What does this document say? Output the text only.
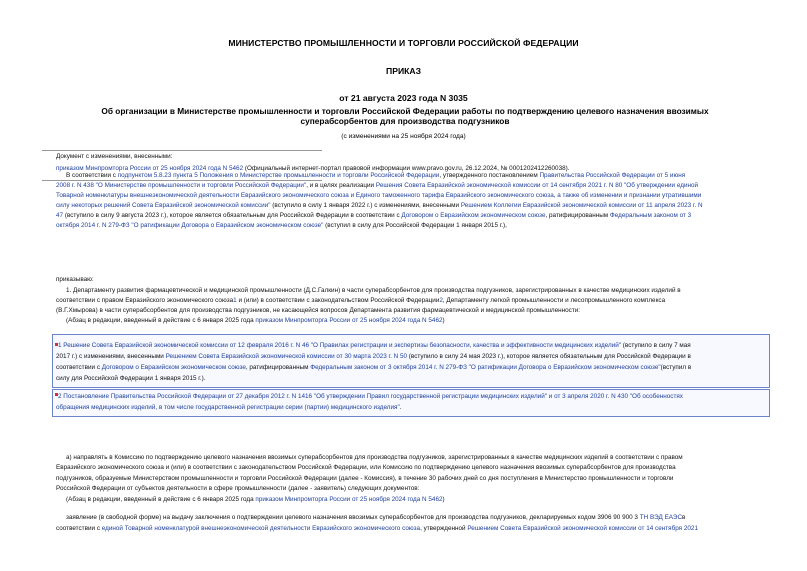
МИНИСТЕРСТВО ПРОМЫШЛЕННОСТИ И ТОРГОВЛИ РОССИЙСКОЙ ФЕДЕРАЦИИ
ПРИКАЗ
от 21 августа 2023 года N 3035
Об организации в Министерстве промышленности и торговли Российской Федерации работы по подтверждению целевого назначения ввозимых
суперабсорбентов для производства подгузников
(с изменениями на 25 ноября 2024 года)
Документ с изменениями, внесенными:
приказом Минпромторга России от 25 ноября 2024 года N 5462 (Официальный интернет-портал правовой информации www.pravo.gov.ru, 26.12.2024, № 0001202412260038).
В соответствии с подпунктом 5.8.23 пункта 5 Положения о Министерстве промышленности и торговли Российской Федерации, утвержденного постановлением Правительства Российской Федерации от 5 июня
2008 г. N 438 "О Министерстве промышленности и торговли Российской Федерации", и в целях реализации Решения Совета Евразийской экономической комиссии от 14 сентября 2021 г. N 80 "Об утверждении единой
Товарной номенклатуры внешнеэкономической деятельности Евразийского экономического союза и Единого таможенного тарифа Евразийского экономического союза, а также об изменении и признании утратившими
силу некоторых решений Совета Евразийской экономической комиссии" (вступило в силу 1 января 2022 г.) с изменениями, внесенными Решением Коллегии Евразийской экономической комиссии от 11 апреля 2023 г. N
47 (вступило в силу 9 августа 2023 г.), которое является обязательным для Российской Федерации в соответствии с Договором о Евразийском экономическом союзе, ратифицированным Федеральным законом от 3
октября 2014 г. N 279-ФЗ "О ратификации Договора о Евразийском экономическом союзе" (вступил в силу для Российской Федерации 1 января 2015 г.),
приказываю:
1. Департаменту развития фармацевтической и медицинской промышленности (Д.С.Галкин) в части суперабсорбентов для производства подгузников, зарегистрированных в качестве медицинских изделий в
соответствии с правом Евразийского экономического союза1 и (или) в соответствии с законодательством Российской Федерации2, Департаменту легкой промышленности и лесопромышленного комплекса
(В.Г.Хмырова) в части суперабсорбентов для производства подгузников, не касающейся вопросов Департамента развития фармацевтической и медицинской промышленности:
(Абзац в редакции, введенный в действие с 6 января 2025 года приказом Минпромторга России от 25 ноября 2024 года N 5462)
1 Решение Совета Евразийской экономической комиссии от 12 февраля 2016 г. N 46 "О Правилах регистрации и экспертизы безопасности, качества и эффективности медицинских изделий" (вступило в силу 7 мая
2017 г.) с изменениями, внесенными Решением Совета Евразийской экономической комиссии от 30 марта 2023 г. N 50 (вступило в силу 24 мая 2023 г.), которое является обязательным для Российской Федерации в
соответствии с Договором о Евразийском экономическом союзе, ратифицированным Федеральным законом от 3 октября 2014 г. N 279-ФЗ "О ратификации Договора о Евразийском экономическом союзе"(вступил в
силу для Российской Федерации 1 января 2015 г.).
2 Постановление Правительства Российской Федерации от 27 декабря 2012 г. N 1416 "Об утверждении Правил государственной регистрации медицинских изделий" и от 3 апреля 2020 г. N 430 "Об особенностях
обращения медицинских изделий, в том числе государственной регистрации серии (партии) медицинского изделия".
а) направлять в Комиссию по подтверждению целевого назначения ввозимых суперабсорбентов для производства подгузников, зарегистрированных в качестве медицинских изделий в соответствии с правом
Евразийского экономического союза и (или) в соответствии с законодательством Российской Федерации, или Комиссию по подтверждению целевого назначения ввозимых суперабсорбентов для производства
подгузников, образуемые Министерством промышленности и торговли Российской Федерации (далее - Комиссия), в течение 30 рабочих дней со дня поступления в Министерство промышленности и торговли
Российской Федерации от субъектов деятельности в сфере промышленности (далее - заявитель) следующих документов:
(Абзац в редакции, введенный в действие с 6 января 2025 года приказом Минпромторга России от 25 ноября 2024 года N 5462)
заявление (в свободной форме) на выдачу заключения о подтверждении целевого назначения ввозимых суперабсорбентов для производства подгузников, декларируемых кодом 3906 90 900 3 ТН ВЭД ЕАЭСв
соответствии с единой Товарной номенклатурой внешнеэкономической деятельности Евразийского экономического союза, утвержденной Решением Совета Евразийской экономической комиссии от 14 сентября 2021
